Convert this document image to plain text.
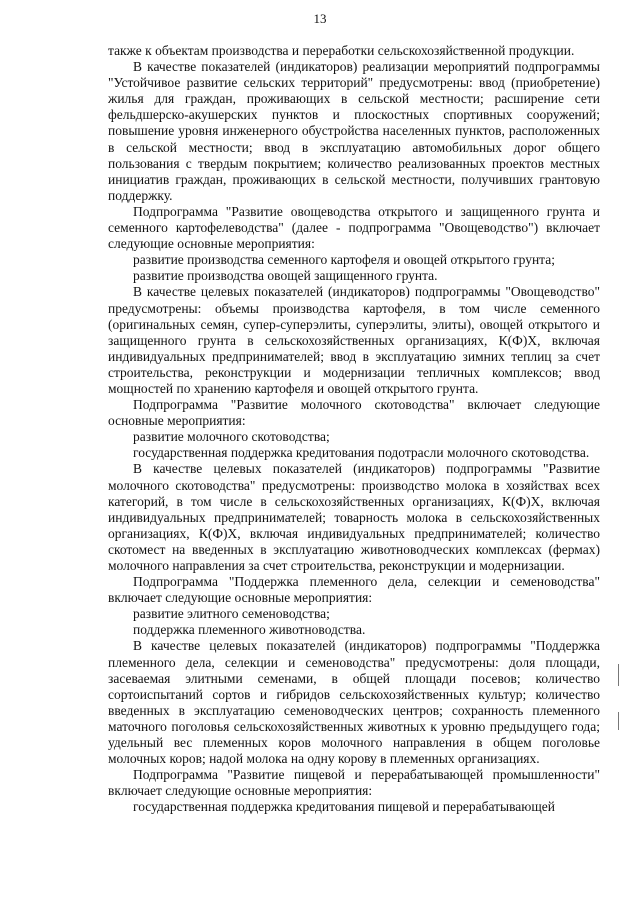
13

также к объектам производства и переработки сельскохозяйственной продукции.

В качестве показателей (индикаторов) реализации мероприятий подпрограммы "Устойчивое развитие сельских территорий" предусмотрены: ввод (приобретение) жилья для граждан, проживающих в сельской местности; расширение сети фельдшерско-акушерских пунктов и плоскостных спортивных сооружений; повышение уровня инженерного обустройства населенных пунктов, расположенных в сельской местности; ввод в эксплуатацию автомобильных дорог общего пользования с твердым покрытием; количество реализованных проектов местных инициатив граждан, проживающих в сельской местности, получивших грантовую поддержку.

Подпрограмма "Развитие овощеводства открытого и защищенного грунта и семенного картофелеводства" (далее - подпрограмма "Овощеводство") включает следующие основные мероприятия:

развитие производства семенного картофеля и овощей открытого грунта;

развитие производства овощей защищенного грунта.

В качестве целевых показателей (индикаторов) подпрограммы "Овощеводство" предусмотрены: объемы производства картофеля, в том числе семенного (оригинальных семян, супер-суперэлиты, суперэлиты, элиты), овощей открытого и защищенного грунта в сельскохозяйственных организациях, К(Ф)Х, включая индивидуальных предпринимателей; ввод в эксплуатацию зимних теплиц за счет строительства, реконструкции и модернизации тепличных комплексов; ввод мощностей по хранению картофеля и овощей открытого грунта.

Подпрограмма "Развитие молочного скотоводства" включает следующие основные мероприятия:

развитие молочного скотоводства;

государственная поддержка кредитования подотрасли молочного скотоводства.

В качестве целевых показателей (индикаторов) подпрограммы "Развитие молочного скотоводства" предусмотрены: производство молока в хозяйствах всех категорий, в том числе в сельскохозяйственных организациях, К(Ф)Х, включая индивидуальных предпринимателей; товарность молока в сельскохозяйственных организациях, К(Ф)Х, включая индивидуальных предпринимателей; количество скотомест на введенных в эксплуатацию животноводческих комплексах (фермах) молочного направления за счет строительства, реконструкции и модернизации.

Подпрограмма "Поддержка племенного дела, селекции и семеноводства" включает следующие основные мероприятия:

развитие элитного семеноводства;

поддержка племенного животноводства.

В качестве целевых показателей (индикаторов) подпрограммы "Поддержка племенного дела, селекции и семеноводства" предусмотрены: доля площади, засеваемая элитными семенами, в общей площади посевов; количество сортоиспытаний сортов и гибридов сельскохозяйственных культур; количество введенных в эксплуатацию семеноводческих центров; сохранность племенного маточного поголовья сельскохозяйственных животных к уровню предыдущего года; удельный вес племенных коров молочного направления в общем поголовье молочных коров; надой молока на одну корову в племенных организациях.

Подпрограмма "Развитие пищевой и перерабатывающей промышленности" включает следующие основные мероприятия:

государственная поддержка кредитования пищевой и перерабатывающей
